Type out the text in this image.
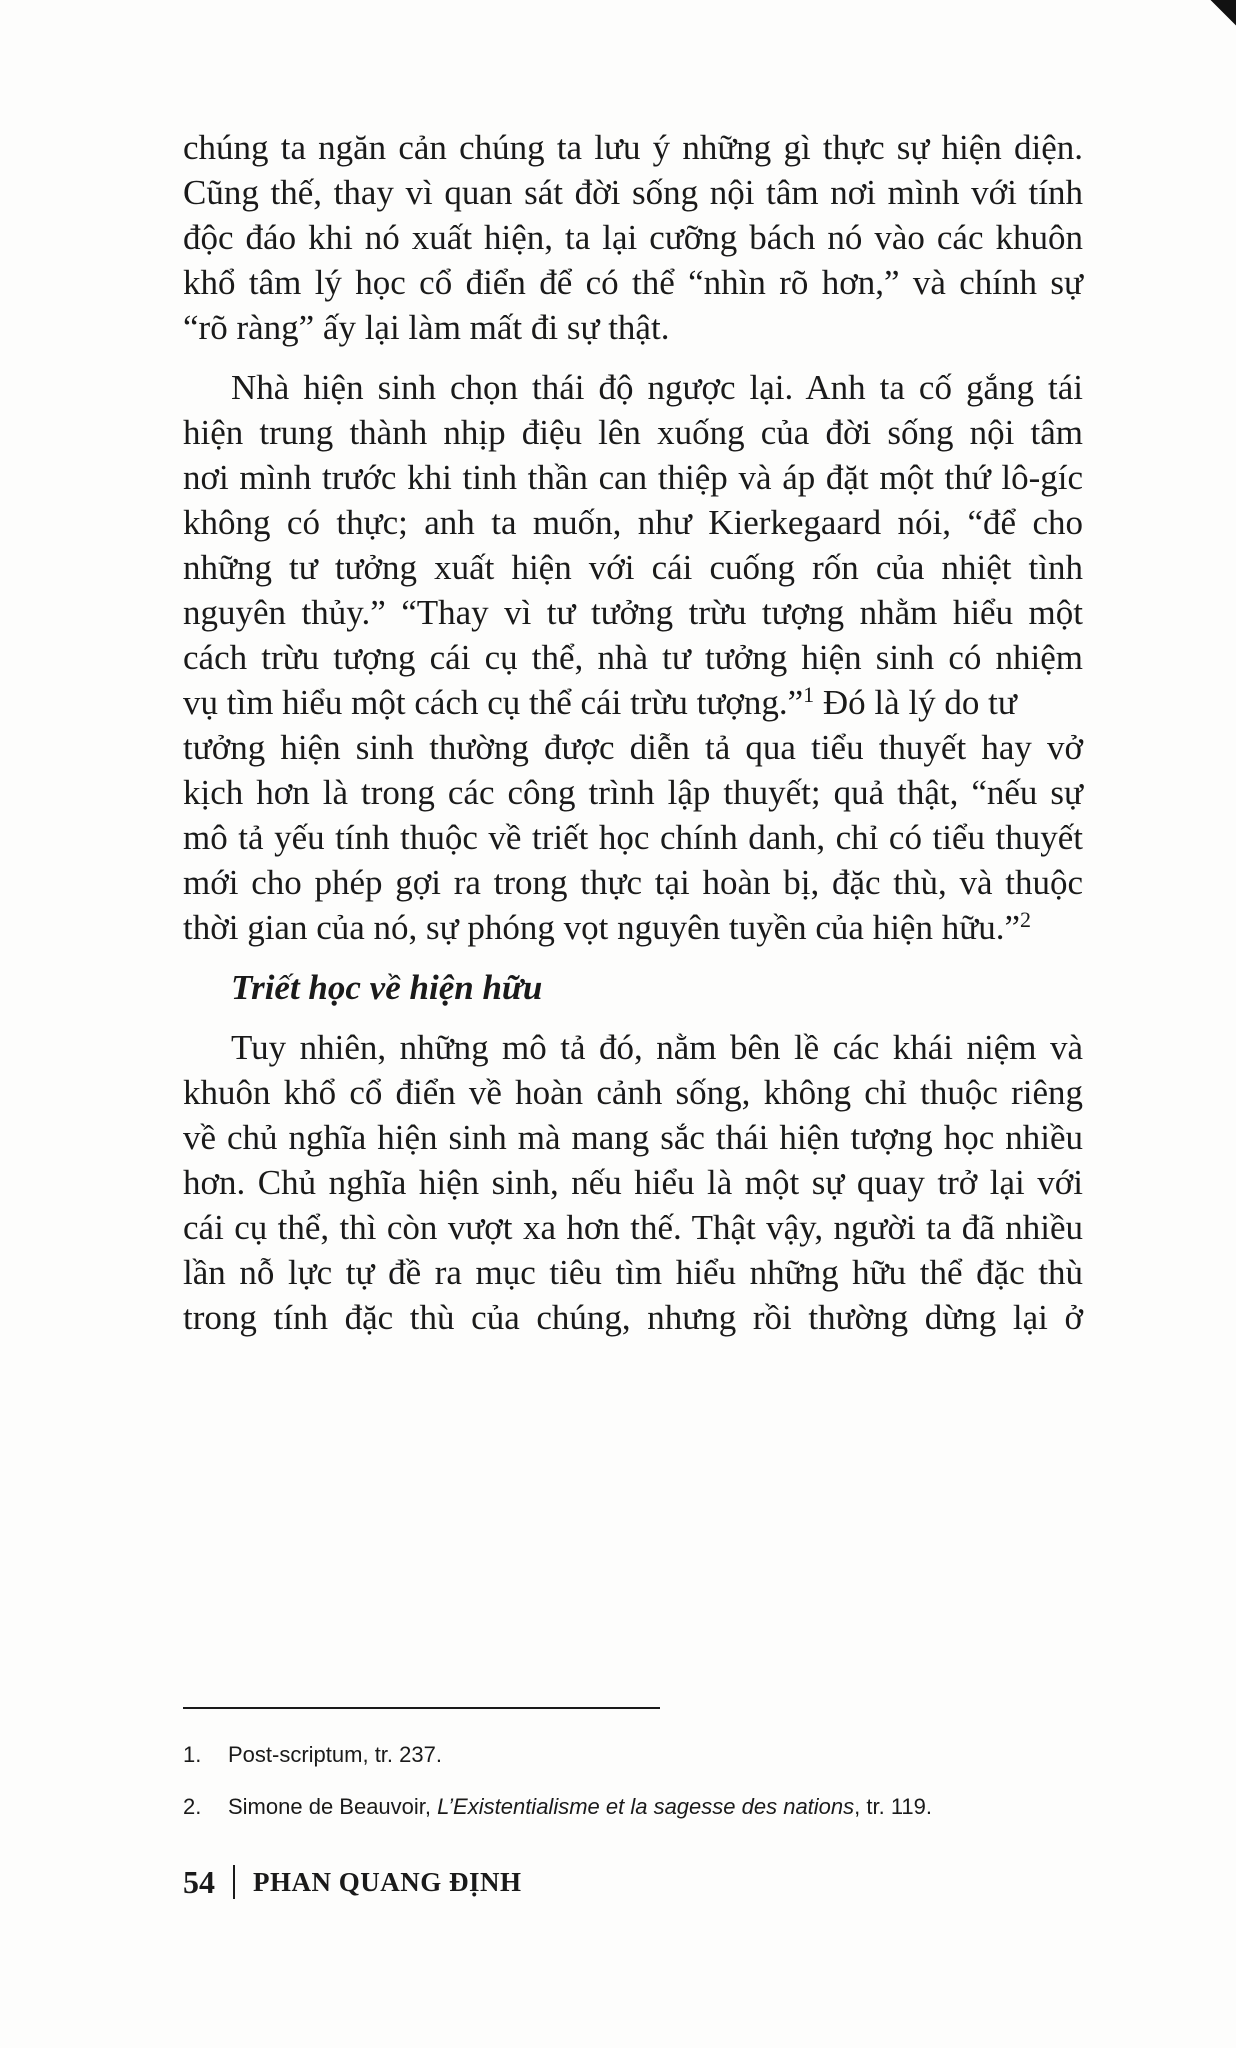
chúng ta ngăn cản chúng ta lưu ý những gì thực sự hiện diện.
Cũng thế, thay vì quan sát đời sống nội tâm nơi mình với tính
độc đáo khi nó xuất hiện, ta lại cưỡng bách nó vào các khuôn
khổ tâm lý học cổ điển để có thể “nhìn rõ hơn,” và chính sự
“rõ ràng” ấy lại làm mất đi sự thật.
Nhà hiện sinh chọn thái độ ngược lại. Anh ta cố gắng tái
hiện trung thành nhịp điệu lên xuống của đời sống nội tâm
nơi mình trước khi tinh thần can thiệp và áp đặt một thứ lô-gíc
không có thực; anh ta muốn, như Kierkegaard nói, “để cho
những tư tưởng xuất hiện với cái cuống rốn của nhiệt tình
nguyên thủy.” “Thay vì tư tưởng trừu tượng nhằm hiểu một
cách trừu tượng cái cụ thể, nhà tư tưởng hiện sinh có nhiệm
vụ tìm hiểu một cách cụ thể cái trừu tượng.”$^1$ Đó là lý do tư
tưởng hiện sinh thường được diễn tả qua tiểu thuyết hay vở
kịch hơn là trong các công trình lập thuyết; quả thật, “nếu sự
mô tả yếu tính thuộc về triết học chính danh, chỉ có tiểu thuyết
mới cho phép gợi ra trong thực tại hoàn bị, đặc thù, và thuộc
thời gian của nó, sự phóng vọt nguyên tuyền của hiện hữu.”$^2$
Triết học về hiện hữu
Tuy nhiên, những mô tả đó, nằm bên lề các khái niệm và
khuôn khổ cổ điển về hoàn cảnh sống, không chỉ thuộc riêng
về chủ nghĩa hiện sinh mà mang sắc thái hiện tượng học nhiều
hơn. Chủ nghĩa hiện sinh, nếu hiểu là một sự quay trở lại với
cái cụ thể, thì còn vượt xa hơn thế. Thật vậy, người ta đã nhiều
lần nỗ lực tự đề ra mục tiêu tìm hiểu những hữu thể đặc thù
trong tính đặc thù của chúng, nhưng rồi thường dừng lại ở
1. Post-scriptum, tr. 237.
2. Simone de Beauvoir, L’Existentialisme et la sagesse des nations, tr. 119.
54 PHAN QUANG ĐỊNH
